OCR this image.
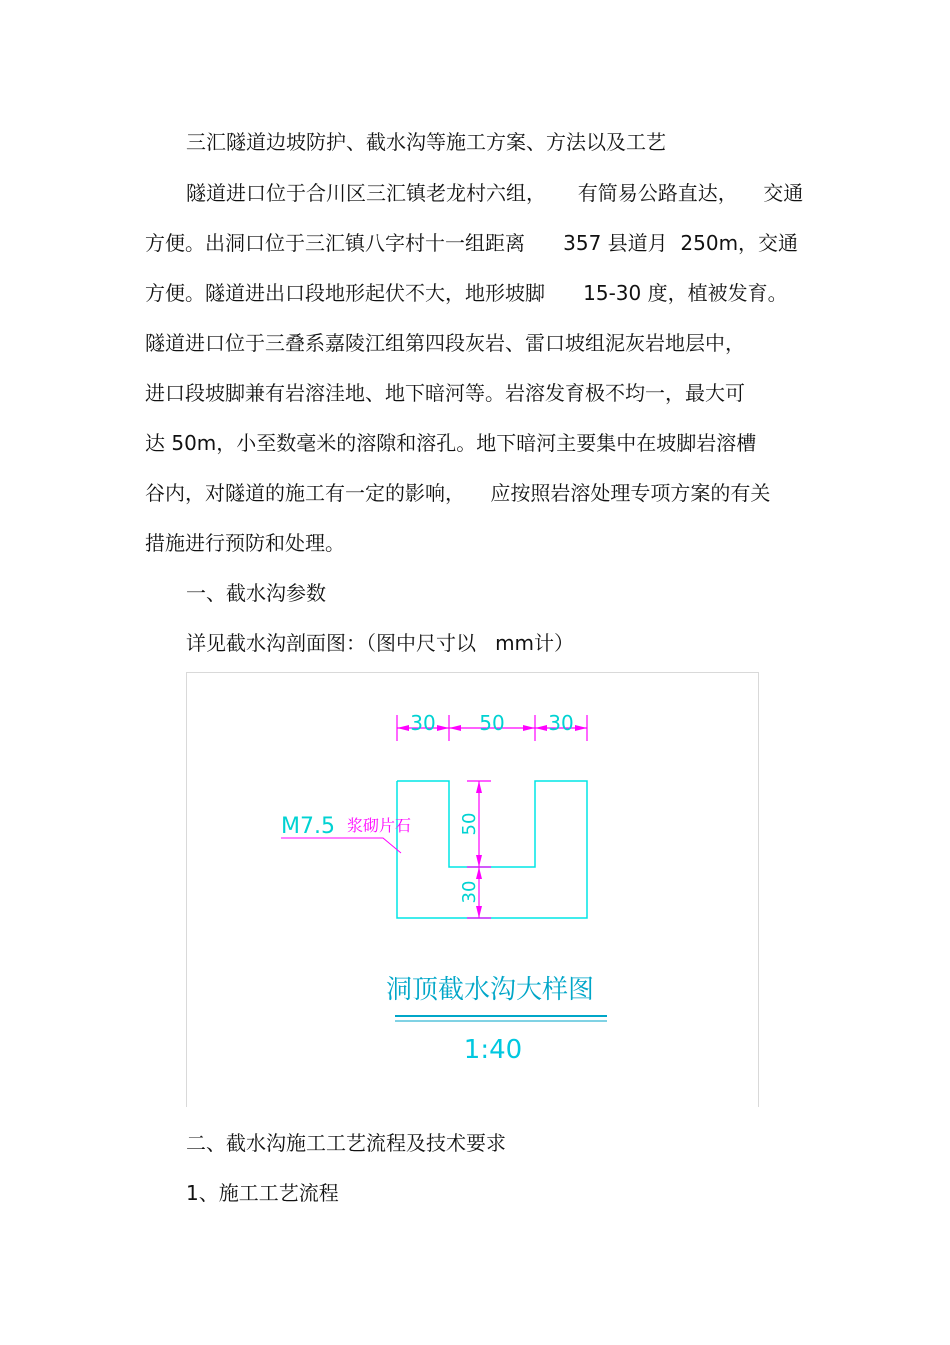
三汇隧道边坡防护、截水沟等施工方案、方法以及工艺
隧道进口位于合川区三汇镇老龙村六组，     有简易公路直达，    交通
方便。出洞口位于三汇镇八字村十一组距离      357 县道月  250m，交通
方便。隧道进出口段地形起伏不大，地形坡脚      15-30 度，植被发育。
隧道进口位于三叠系嘉陵江组第四段灰岩、雷口坡组泥灰岩地层中，
进口段坡脚兼有岩溶洼地、地下暗河等。岩溶发育极不均一，最大可
达 50m，小至数毫米的溶隙和溶孔。地下暗河主要集中在坡脚岩溶槽
谷内，对隧道的施工有一定的影响，    应按照岩溶处理专项方案的有关
措施进行预防和处理。
一、截水沟参数
详见截水沟剖面图：（图中尺寸以   mm计）
30 50 30
50
30
M7.5 浆砌片石
洞顶截水沟大样图
1:40
二、截水沟施工工艺流程及技术要求
1、施工工艺流程
